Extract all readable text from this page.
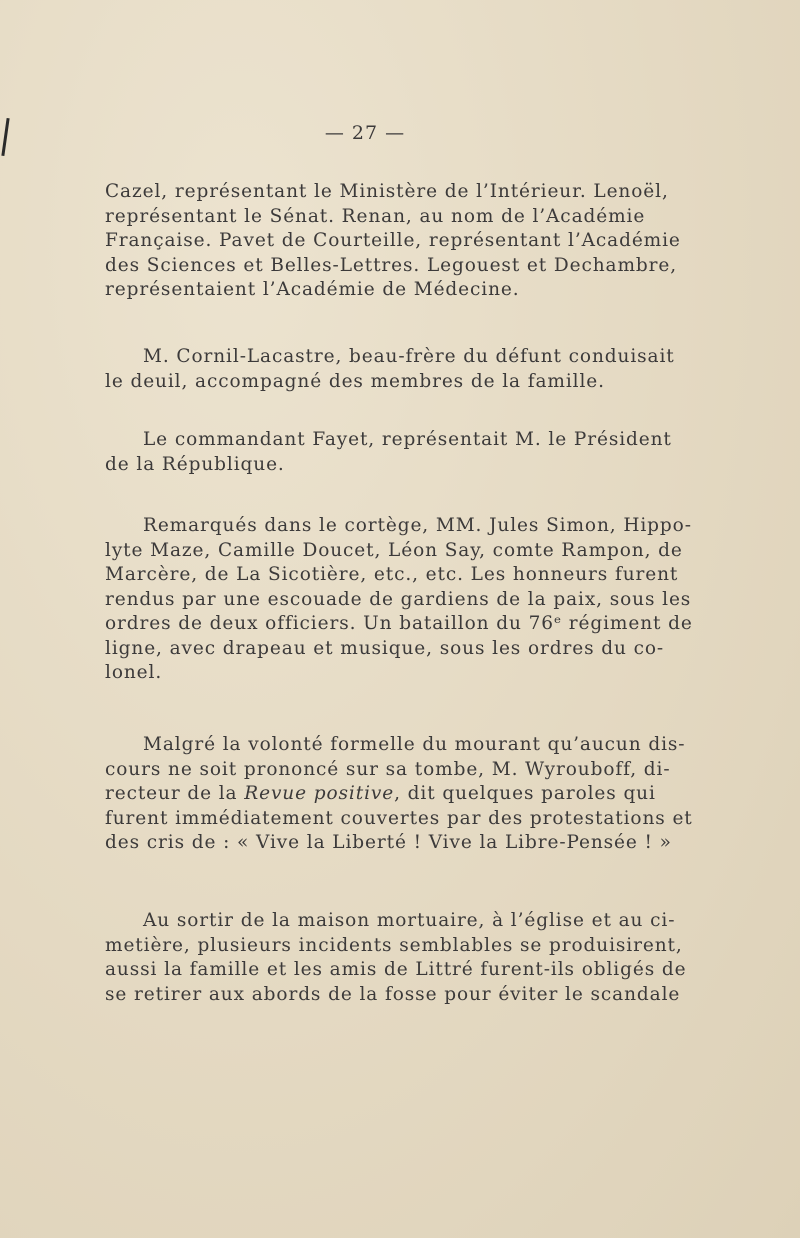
— 27 —
Cazel, représentant le Ministère de l’Intérieur. Lenoël,
représentant le Sénat. Renan, au nom de l’Académie
Française. Pavet de Courteille, représentant l’Académie
des Sciences et Belles-Lettres. Legouest et Dechambre,
représentaient l’Académie de Médecine.
M. Cornil-Lacastre, beau-frère du défunt conduisait
le deuil, accompagné des membres de la famille.
Le commandant Fayet, représentait M. le Président
de la République.
Remarqués dans le cortège, MM. Jules Simon, Hippo-
lyte Maze, Camille Doucet, Léon Say, comte Rampon, de
Marcère, de La Sicotière, etc., etc. Les honneurs furent
rendus par une escouade de gardiens de la paix, sous les
ordres de deux officiers. Un bataillon du 76ᵉ régiment de
ligne, avec drapeau et musique, sous les ordres du co-
lonel.
Malgré la volonté formelle du mourant qu’aucun dis-
cours ne soit prononcé sur sa tombe, M. Wyrouboff, di-
recteur de la Revue positive, dit quelques paroles qui
furent immédiatement couvertes par des protestations et
des cris de : « Vive la Liberté ! Vive la Libre-Pensée ! »
Au sortir de la maison mortuaire, à l’église et au ci-
metière, plusieurs incidents semblables se produisirent,
aussi la famille et les amis de Littré furent-ils obligés de
se retirer aux abords de la fosse pour éviter le scandale
